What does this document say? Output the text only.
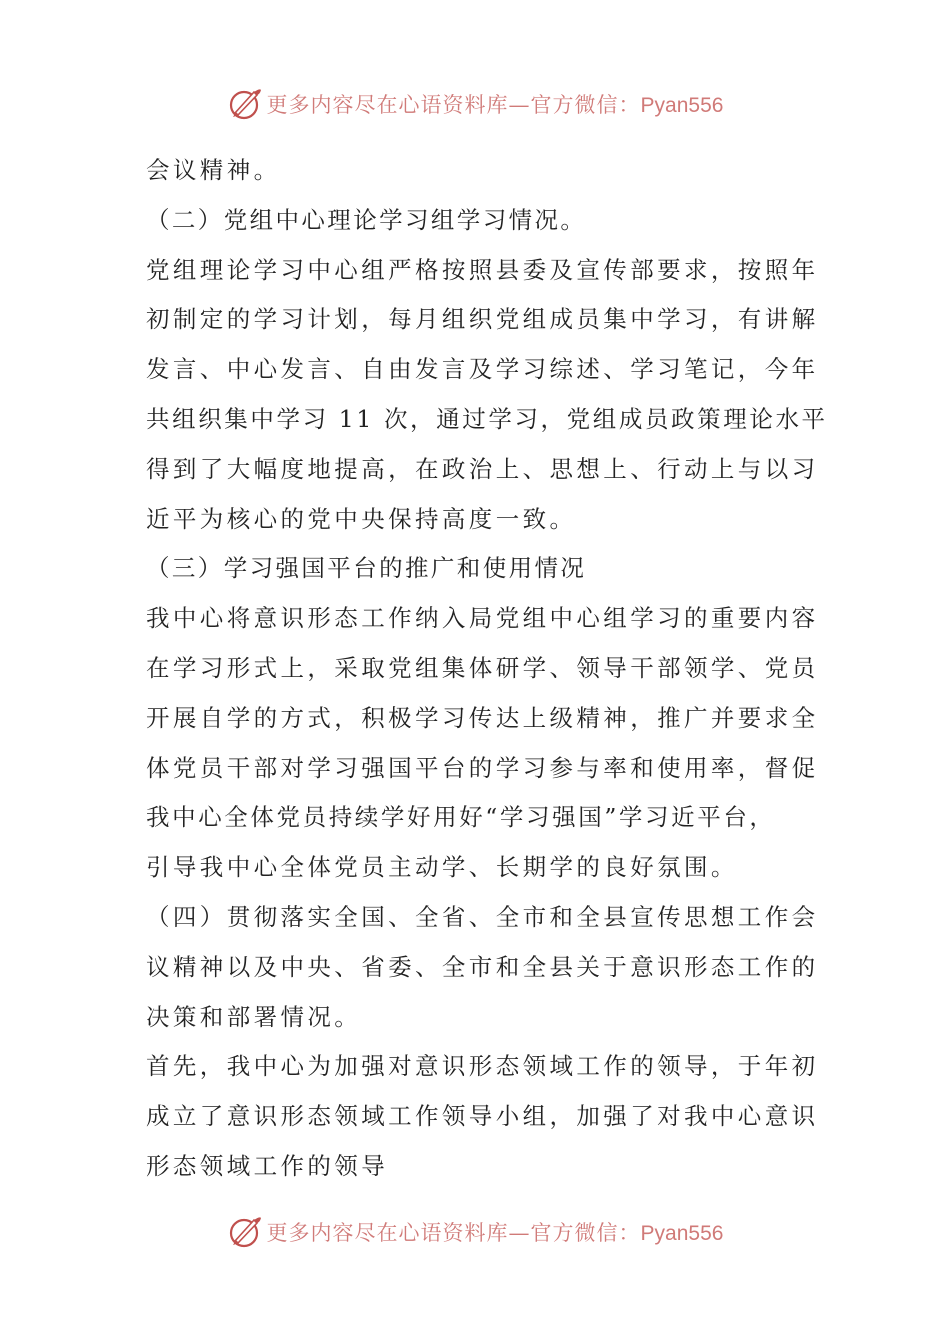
更多内容尽在心语资料库—官方微信：Pyan556
会议精神。
（二）党组中心理论学习组学习情况。
党组理论学习中心组严格按照县委及宣传部要求，按照年
初制定的学习计划，每月组织党组成员集中学习，有讲解
发言、中心发言、自由发言及学习综述、学习笔记，今年
共组织集中学习 11 次，通过学习，党组成员政策理论水平
得到了大幅度地提高，在政治上、思想上、行动上与以习
近平为核心的党中央保持高度一致。
（三）学习强国平台的推广和使用情况
我中心将意识形态工作纳入局党组中心组学习的重要内容
在学习形式上，采取党组集体研学、领导干部领学、党员
开展自学的方式，积极学习传达上级精神，推广并要求全
体党员干部对学习强国平台的学习参与率和使用率，督促
我中心全体党员持续学好用好“学习强国”学习近平台，
引导我中心全体党员主动学、长期学的良好氛围。
（四）贯彻落实全国、全省、全市和全县宣传思想工作会
议精神以及中央、省委、全市和全县关于意识形态工作的
决策和部署情况。
首先，我中心为加强对意识形态领域工作的领导，于年初
成立了意识形态领域工作领导小组，加强了对我中心意识
形态领域工作的领导
更多内容尽在心语资料库—官方微信：Pyan556
